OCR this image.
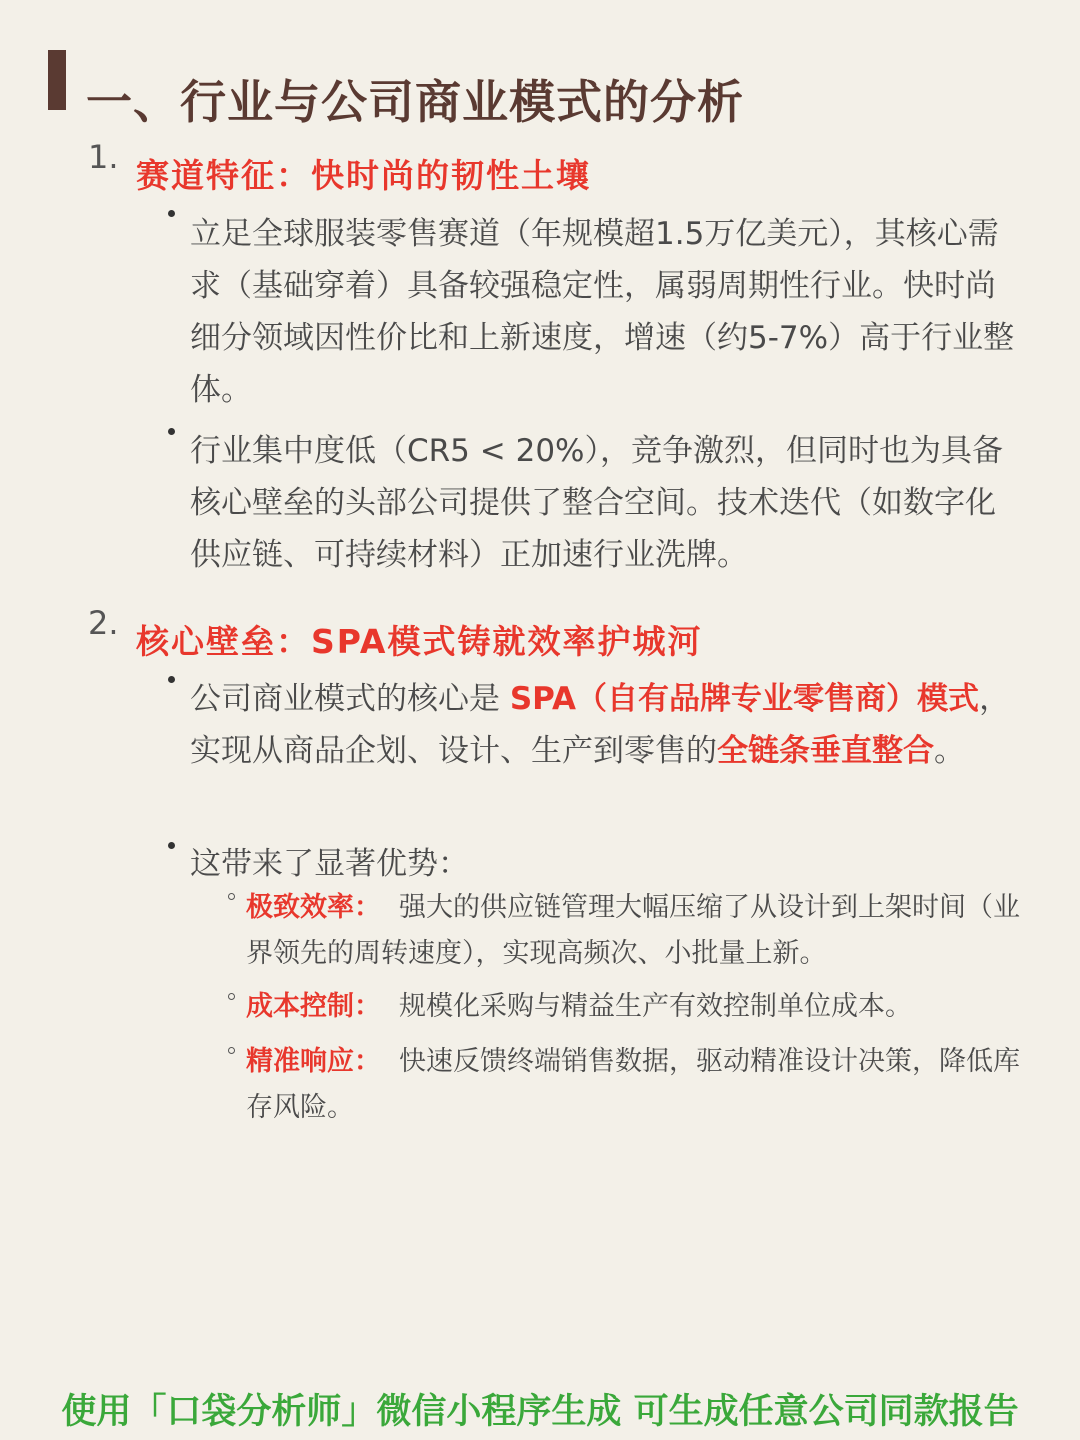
一、行业与公司商业模式的分析
1. 赛道特征：快时尚的韧性土壤
立足全球服装零售赛道（年规模超1.5万亿美元），其核心需求（基础穿着）具备较强稳定性，属弱周期性行业。快时尚细分领域因性价比和上新速度，增速（约5-7%）高于行业整体。
行业集中度低（CR5 < 20%），竞争激烈，但同时也为具备核心壁垒的头部公司提供了整合空间。技术迭代（如数字化供应链、可持续材料）正加速行业洗牌。
2. 核心壁垒：SPA模式铸就效率护城河
公司商业模式的核心是 SPA（自有品牌专业零售商）模式，实现从商品企划、设计、生产到零售的全链条垂直整合。
这带来了显著优势：
极致效率： 强大的供应链管理大幅压缩了从设计到上架时间（业界领先的周转速度），实现高频次、小批量上新。
成本控制： 规模化采购与精益生产有效控制单位成本。
精准响应： 快速反馈终端销售数据，驱动精准设计决策，降低库存风险。
使用「口袋分析师」微信小程序生成 可生成任意公司同款报告
